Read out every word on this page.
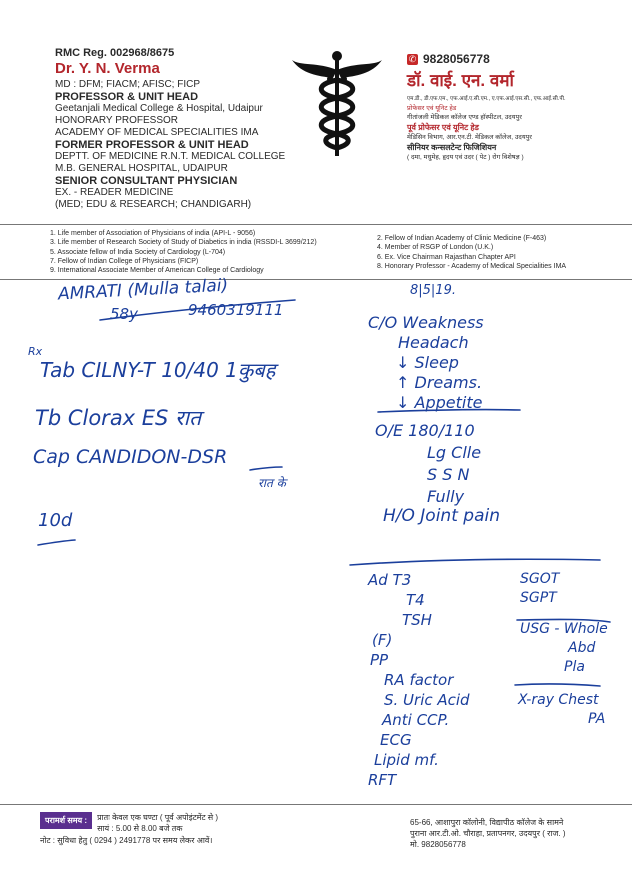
RMC Reg. 002968/8675
Dr. Y. N. Verma
MD : DFM; FIACM; AFISC; FICP
PROFESSOR & UNIT HEAD
Geetanjali Medical College & Hospital, Udaipur
HONORARY PROFESSOR
ACADEMY OF MEDICAL SPECIALITIES IMA
FORMER PROFESSOR & UNIT HEAD
DEPTT. OF MEDICINE R.N.T. MEDICAL COLLEGE
M.B. GENERAL HOSPITAL, UDAIPUR
SENIOR CONSULTANT PHYSICIAN
EX. - READER MEDICINE
(MED; EDU & RESEARCH; CHANDIGARH)
✆ 9828056778
डॉ. वाई. एन. वर्मा
एम.डी., डी.एफ.एम., एफ.आई.ए.सी.एम., ए.एफ.आई.एस.सी., एफ.आई.सी.पी.
प्रोफेसर एवं यूनिट हेड
गीतांजली मेडिकल कॉलेज एण्ड हॉस्पीटल, उदयपुर
पूर्व प्रोफेसर एवं यूनिट हेड
मेडिसिन विभाग, आर.एन.टी. मेडिकल कॉलेज, उदयपुर
सीनियर कन्सलटेन्ट फिजिशियन
( दमा, मधुमेह, हृदय एवं उदर ( पेट ) रोग विशेषज्ञ )
1. Life member of Association of Physicians of india (API-L - 9056)
3. Life member of Research Society of Study of Diabetics in india (RSSDI-L 3699/212)
5. Associate fellow of India Society of Cardiology (L-704)
7. Fellow of Indian College of Physicians (FICP)
9. International Associate Member of American College of Cardiology
2. Fellow of Indian Academy of Clinic Medicine (F-463)
4. Member of RSGP of London (U.K.)
6. Ex. Vice Chairman Rajasthan Chapter API
8. Honorary Professor - Academy of Medical Specialities IMA
AMRATI (Mulla talai)
58y	9460319111
8|5|19.
Rx
Tab CILNY-T 10/40 1कुबह
Tb Clorax ES रात
Cap CANDIDON-DSR
रात के
10d
C/O Weakness
Headach
↓ Sleep
↑ Dreams.
↓ Appetite
O/E 180/110
Lg Clle
S S N
Fully
H/O Joint pain
Ad T3
T4
TSH
(F)
PP
RA factor
S. Uric Acid
Anti CCP.
ECG
Lipid mf.
RFT
SGOT
SGPT
USG - Whole
Abd
Pla
X-ray Chest
PA
परामर्श समय :	प्रातः केवल एक घण्टा ( पूर्व अपोइंटमेंट से )
सायं : 5.00 से 8.00 बजे तक
नोट : सुविधा हेतु ( 0294 ) 2491778 पर समय लेकर आवें।
65-66, आशापुरा कॉलोनी, विद्यापीठ कॉलेज के सामने
पुराना आर.टी.ओ. चौराहा, प्रतापनगर, उदयपुर ( राज. )
मो. 9828056778
